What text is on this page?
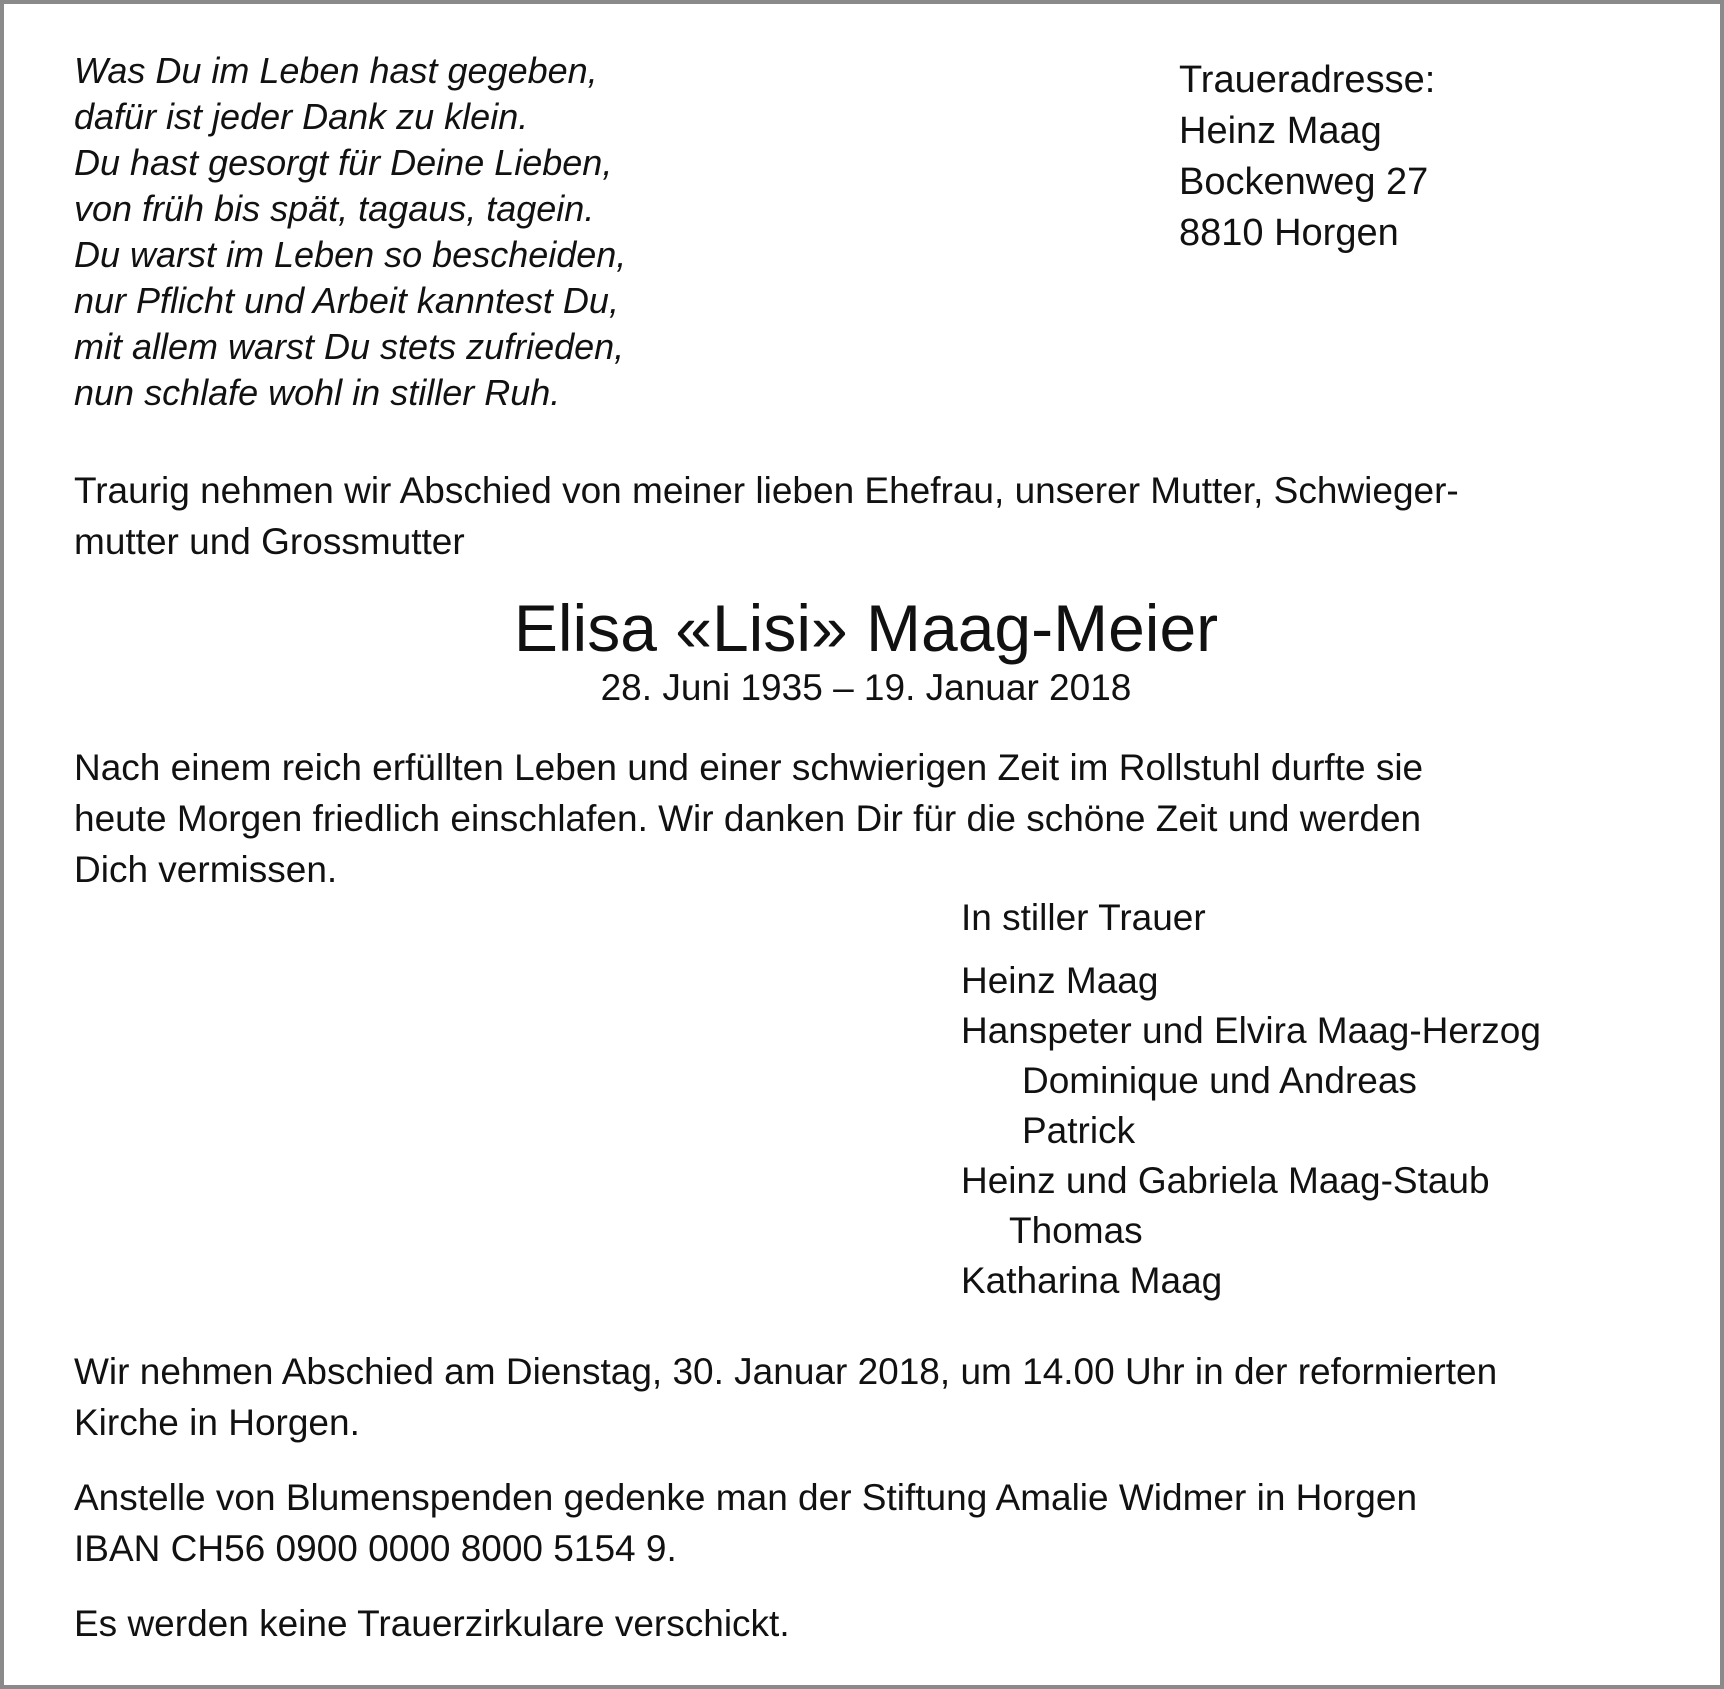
Was Du im Leben hast gegeben,
dafür ist jeder Dank zu klein.
Du hast gesorgt für Deine Lieben,
von früh bis spät, tagaus, tagein.
Du warst im Leben so bescheiden,
nur Pflicht und Arbeit kanntest Du,
mit allem warst Du stets zufrieden,
nun schlafe wohl in stiller Ruh.
Traueradresse:
Heinz Maag
Bockenweg 27
8810 Horgen
Traurig nehmen wir Abschied von meiner lieben Ehefrau, unserer Mutter, Schwieger-
mutter und Grossmutter
Elisa «Lisi» Maag-Meier
28. Juni 1935 – 19. Januar 2018
Nach einem reich erfüllten Leben und einer schwierigen Zeit im Rollstuhl durfte sie
heute Morgen friedlich einschlafen. Wir danken Dir für die schöne Zeit und werden
Dich vermissen.
In stiller Trauer
Heinz Maag
Hanspeter und Elvira Maag-Herzog
Dominique und Andreas
Patrick
Heinz und Gabriela Maag-Staub
Thomas
Katharina Maag
Wir nehmen Abschied am Dienstag, 30. Januar 2018, um 14.00 Uhr in der reformierten
Kirche in Horgen.
Anstelle von Blumenspenden gedenke man der Stiftung Amalie Widmer in Horgen
IBAN CH56 0900 0000 8000 5154 9.
Es werden keine Trauerzirkulare verschickt.
